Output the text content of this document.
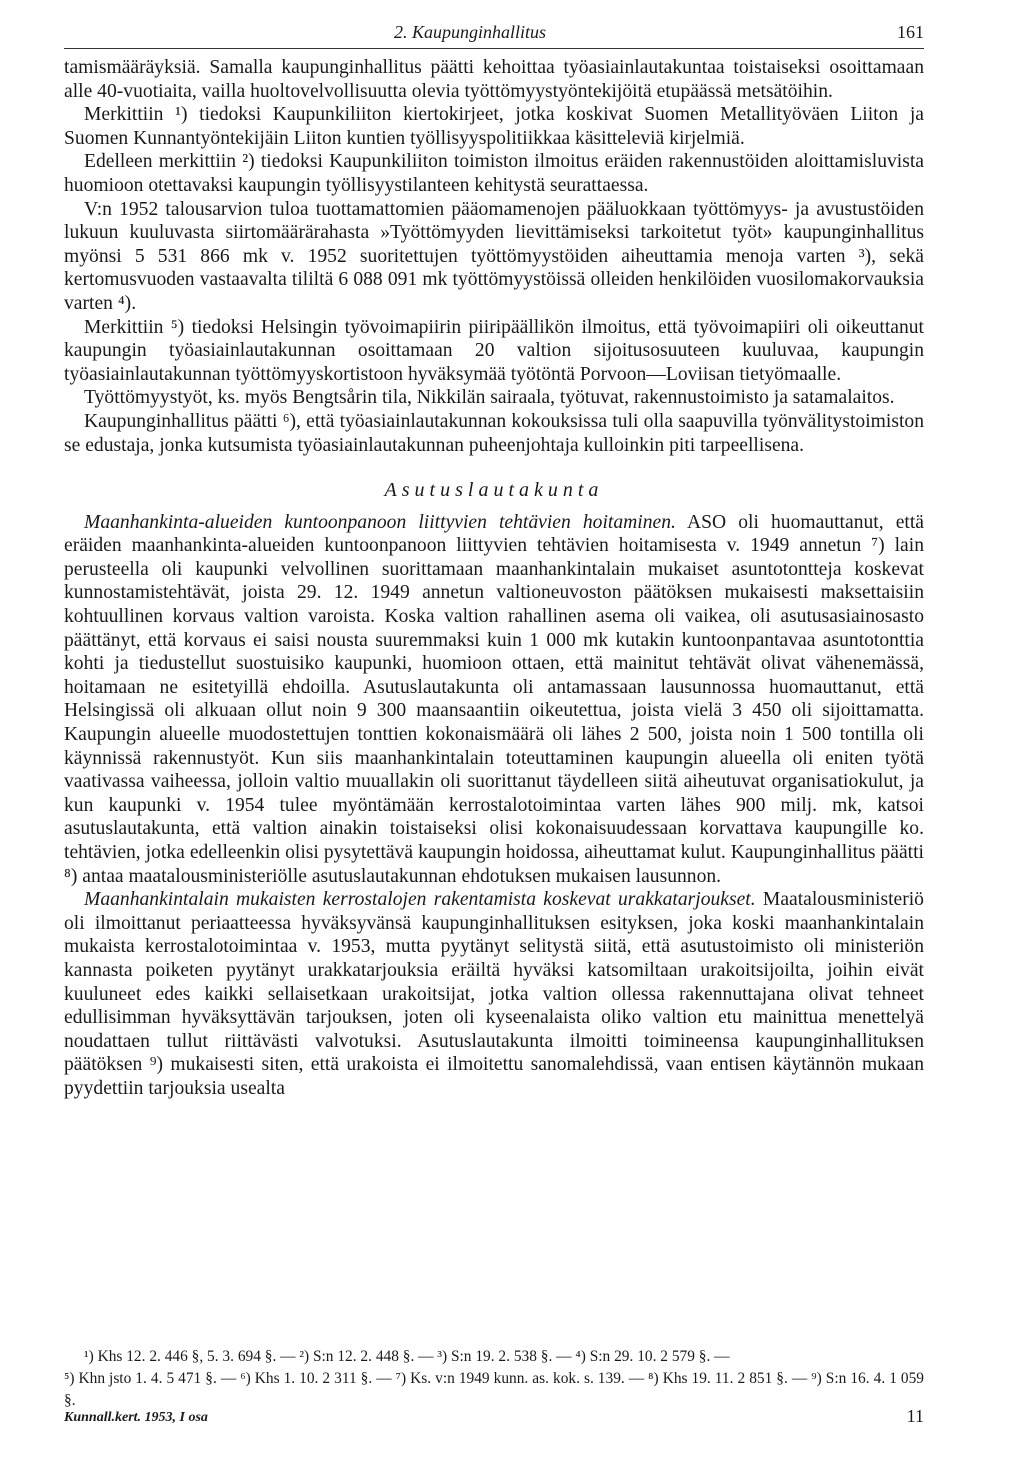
2. Kaupunginhallitus	161

tamismääräyksiä. Samalla kaupunginhallitus päätti kehoittaa työasiainlautakuntaa toistaiseksi osoittamaan alle 40-vuotiaita, vailla huoltovelvollisuutta olevia työttömyystyöntekijöitä etupäässä metsätöihin.

Merkittiin ¹) tiedoksi Kaupunkiliiton kiertokirjeet, jotka koskivat Suomen Metallityöväen Liiton ja Suomen Kunnantyöntekijäin Liiton kuntien työllisyyspolitiikkaa käsitteleviä kirjelmiä.

Edelleen merkittiin ²) tiedoksi Kaupunkiliiton toimiston ilmoitus eräiden rakennustöiden aloittamisluvista huomioon otettavaksi kaupungin työllisyystilanteen kehitystä seurattaessa.

V:n 1952 talousarvion tuloa tuottamattomien pääomamenojen pääluokkaan työttömyys- ja avustustöiden lukuun kuuluvasta siirtomäärärahasta »Työttömyyden lievittämiseksi tarkoitetut työt» kaupunginhallitus myönsi 5 531 866 mk v. 1952 suoritettujen työttömyystöiden aiheuttamia menoja varten ³), sekä kertomusvuoden vastaavalta tililtä 6 088 091 mk työttömyystöissä olleiden henkilöiden vuosilomakorvauksia varten ⁴).

Merkittiin ⁵) tiedoksi Helsingin työvoimapiirin piiripäällikön ilmoitus, että työvoimapiiri oli oikeuttanut kaupungin työasiainlautakunnan osoittamaan 20 valtion sijoitusosuuteen kuuluvaa, kaupungin työasiainlautakunnan työttömyyskortistoon hyväksymää työtöntä Porvoon—Loviisan tietyömaalle.

Työttömyystyöt, ks. myös Bengtsårin tila, Nikkilän sairaala, työtuvat, rakennustoimisto ja satamalaitos.

Kaupunginhallitus päätti ⁶), että työasiainlautakunnan kokouksissa tuli olla saapuvilla työnvälitystoimiston se edustaja, jonka kutsumista työasiainlautakunnan puheenjohtaja kulloinkin piti tarpeellisena.

Asutuslautakunta

Maanhankinta-alueiden kuntoonpanoon liittyvien tehtävien hoitaminen. ASO oli huomauttanut, että eräiden maanhankinta-alueiden kuntoonpanoon liittyvien tehtävien hoitamisesta v. 1949 annetun ⁷) lain perusteella oli kaupunki velvollinen suorittamaan maanhankintalain mukaiset asuntotontteja koskevat kunnostamistehtävät, joista 29. 12. 1949 annetun valtioneuvoston päätöksen mukaisesti maksettaisiin kohtuullinen korvaus valtion varoista. Koska valtion rahallinen asema oli vaikea, oli asutusasiainosasto päättänyt, että korvaus ei saisi nousta suuremmaksi kuin 1 000 mk kutakin kuntoonpantavaa asuntotonttia kohti ja tiedustellut suostuisiko kaupunki, huomioon ottaen, että mainitut tehtävät olivat vähenemässä, hoitamaan ne esitetyillä ehdoilla. Asutuslautakunta oli antamassaan lausunnossa huomauttanut, että Helsingissä oli alkuaan ollut noin 9 300 maansaantiin oikeutettua, joista vielä 3 450 oli sijoittamatta. Kaupungin alueelle muodostettujen tonttien kokonaismäärä oli lähes 2 500, joista noin 1 500 tontilla oli käynnissä rakennustyöt. Kun siis maanhankintalain toteuttaminen kaupungin alueella oli eniten työtä vaativassa vaiheessa, jolloin valtio muuallakin oli suorittanut täydelleen siitä aiheutuvat organisatiokulut, ja kun kaupunki v. 1954 tulee myöntämään kerrostalotoimintaa varten lähes 900 milj. mk, katsoi asutuslautakunta, että valtion ainakin toistaiseksi olisi kokonaisuudessaan korvattava kaupungille ko. tehtävien, jotka edelleenkin olisi pysytettävä kaupungin hoidossa, aiheuttamat kulut. Kaupunginhallitus päätti ⁸) antaa maatalousministeriölle asutuslautakunnan ehdotuksen mukaisen lausunnon.

Maanhankintalain mukaisten kerrostalojen rakentamista koskevat urakkatarjoukset. Maatalousministeriö oli ilmoittanut periaatteessa hyväksyvänsä kaupunginhallituksen esityksen, joka koski maanhankintalain mukaista kerrostalotoimintaa v. 1953, mutta pyytänyt selitystä siitä, että asutustoimisto oli ministeriön kannasta poiketen pyytänyt urakkatarjouksia eräiltä hyväksi katsomiltaan urakoitsijoilta, joihin eivät kuuluneet edes kaikki sellaisetkaan urakoitsijat, jotka valtion ollessa rakennuttajana olivat tehneet edullisimman hyväksyttävän tarjouksen, joten oli kyseenalaista oliko valtion etu mainittua menettelyä noudattaen tullut riittävästi valvotuksi. Asutuslautakunta ilmoitti toimineensa kaupunginhallituksen päätöksen ⁹) mukaisesti siten, että urakoista ei ilmoitettu sanomalehdissä, vaan entisen käytännön mukaan pyydettiin tarjouksia usealta

¹) Khs 12. 2. 446 §, 5. 3. 694 §. — ²) S:n 12. 2. 448 §. — ³) S:n 19. 2. 538 §. — ⁴) S:n 29. 10. 2 579 §. —

⁵) Khn jsto 1. 4. 5 471 §. — ⁶) Khs 1. 10. 2 311 §. — ⁷) Ks. v:n 1949 kunn. as. kok. s. 139. — ⁸) Khs 19. 11. 2 851 §. — ⁹) S:n 16. 4. 1 059 §.

Kunnall.kert. 1953, I osa	11
